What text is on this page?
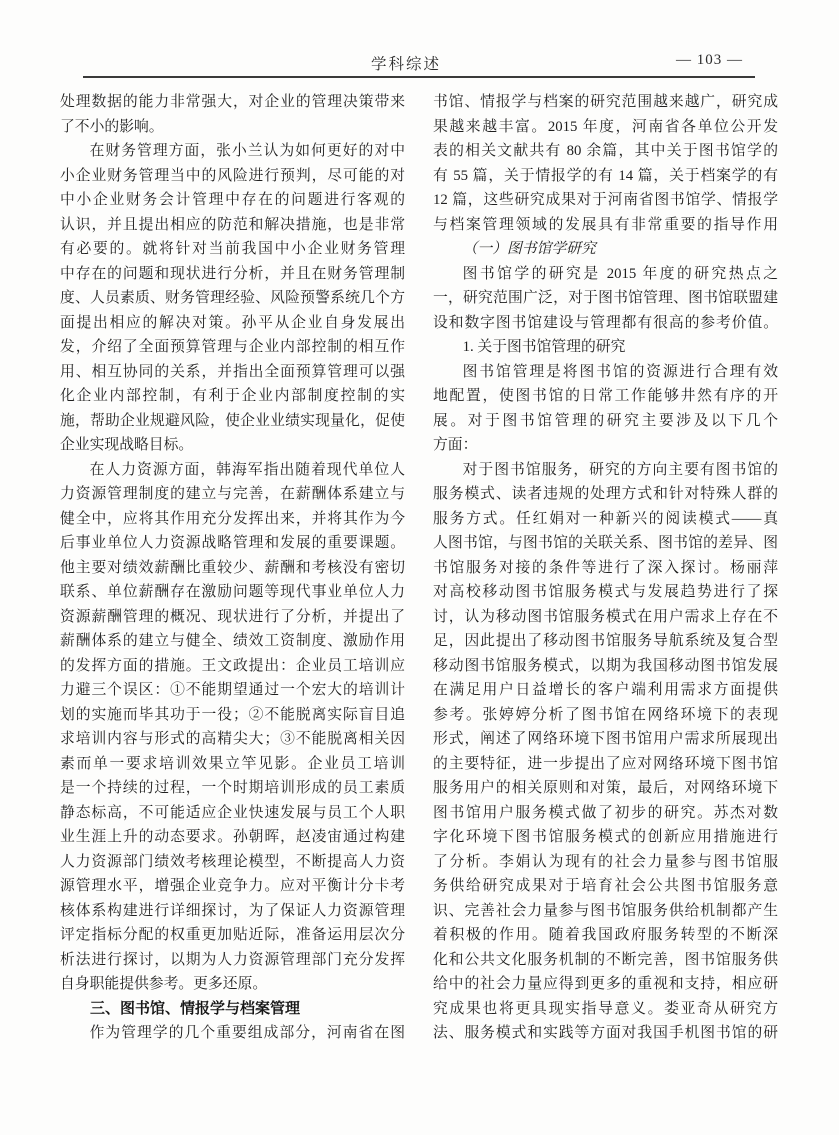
学科综述	— 103 —
处理数据的能力非常强大，对企业的管理决策带来
了不小的影响。
在财务管理方面，张小兰认为如何更好的对中
小企业财务管理当中的风险进行预判，尽可能的对
中小企业财务会计管理中存在的问题进行客观的
认识，并且提出相应的防范和解决措施，也是非常
有必要的。就将针对当前我国中小企业财务管理
中存在的问题和现状进行分析，并且在财务管理制
度、人员素质、财务管理经验、风险预警系统几个方
面提出相应的解决对策。孙平从企业自身发展出
发，介绍了全面预算管理与企业内部控制的相互作
用、相互协同的关系，并指出全面预算管理可以强
化企业内部控制，有利于企业内部制度控制的实
施，帮助企业规避风险，使企业业绩实现量化，促使
企业实现战略目标。
在人力资源方面，韩海军指出随着现代单位人
力资源管理制度的建立与完善，在薪酬体系建立与
健全中，应将其作用充分发挥出来，并将其作为今
后事业单位人力资源战略管理和发展的重要课题。
他主要对绩效薪酬比重较少、薪酬和考核没有密切
联系、单位薪酬存在激励问题等现代事业单位人力
资源薪酬管理的概况、现状进行了分析，并提出了
薪酬体系的建立与健全、绩效工资制度、激励作用
的发挥方面的措施。王文政提出：企业员工培训应
力避三个误区：①不能期望通过一个宏大的培训计
划的实施而毕其功于一役；②不能脱离实际盲目追
求培训内容与形式的高精尖大；③不能脱离相关因
素而单一要求培训效果立竿见影。企业员工培训
是一个持续的过程，一个时期培训形成的员工素质
静态标高，不可能适应企业快速发展与员工个人职
业生涯上升的动态要求。孙朝晖，赵凌宙通过构建
人力资源部门绩效考核理论模型，不断提高人力资
源管理水平，增强企业竞争力。应对平衡计分卡考
核体系构建进行详细探讨，为了保证人力资源管理
评定指标分配的权重更加贴近际，准备运用层次分
析法进行探讨，以期为人力资源管理部门充分发挥
自身职能提供参考。更多还原。
三、图书馆、情报学与档案管理
作为管理学的几个重要组成部分，河南省在图
书馆、情报学与档案的研究范围越来越广，研究成
果越来越丰富。2015 年度，河南省各单位公开发
表的相关文献共有 80 余篇，其中关于图书馆学的
有 55 篇，关于情报学的有 14 篇，关于档案学的有
12 篇，这些研究成果对于河南省图书馆学、情报学
与档案管理领域的发展具有非常重要的指导作用
（一）图书馆学研究
图书馆学的研究是 2015 年度的研究热点之
一，研究范围广泛，对于图书馆管理、图书馆联盟建
设和数字图书馆建设与管理都有很高的参考价值。
1. 关于图书馆管理的研究
图书馆管理是将图书馆的资源进行合理有效
地配置，使图书馆的日常工作能够井然有序的开
展。对于图书馆管理的研究主要涉及以下几个
方面：
对于图书馆服务，研究的方向主要有图书馆的
服务模式、读者违规的处理方式和针对特殊人群的
服务方式。任红娟对一种新兴的阅读模式——真
人图书馆，与图书馆的关联关系、图书馆的差异、图
书馆服务对接的条件等进行了深入探讨。杨丽萍
对高校移动图书馆服务模式与发展趋势进行了探
讨，认为移动图书馆服务模式在用户需求上存在不
足，因此提出了移动图书馆服务导航系统及复合型
移动图书馆服务模式，以期为我国移动图书馆发展
在满足用户日益增长的客户端利用需求方面提供
参考。张婷婷分析了图书馆在网络环境下的表现
形式，阐述了网络环境下图书馆用户需求所展现出
的主要特征，进一步提出了应对网络环境下图书馆
服务用户的相关原则和对策，最后，对网络环境下
图书馆用户服务模式做了初步的研究。苏杰对数
字化环境下图书馆服务模式的创新应用措施进行
了分析。李娟认为现有的社会力量参与图书馆服
务供给研究成果对于培育社会公共图书馆服务意
识、完善社会力量参与图书馆服务供给机制都产生
着积极的作用。随着我国政府服务转型的不断深
化和公共文化服务机制的不断完善，图书馆服务供
给中的社会力量应得到更多的重视和支持，相应研
究成果也将更具现实指导意义。娄亚奇从研究方
法、服务模式和实践等方面对我国手机图书馆的研
